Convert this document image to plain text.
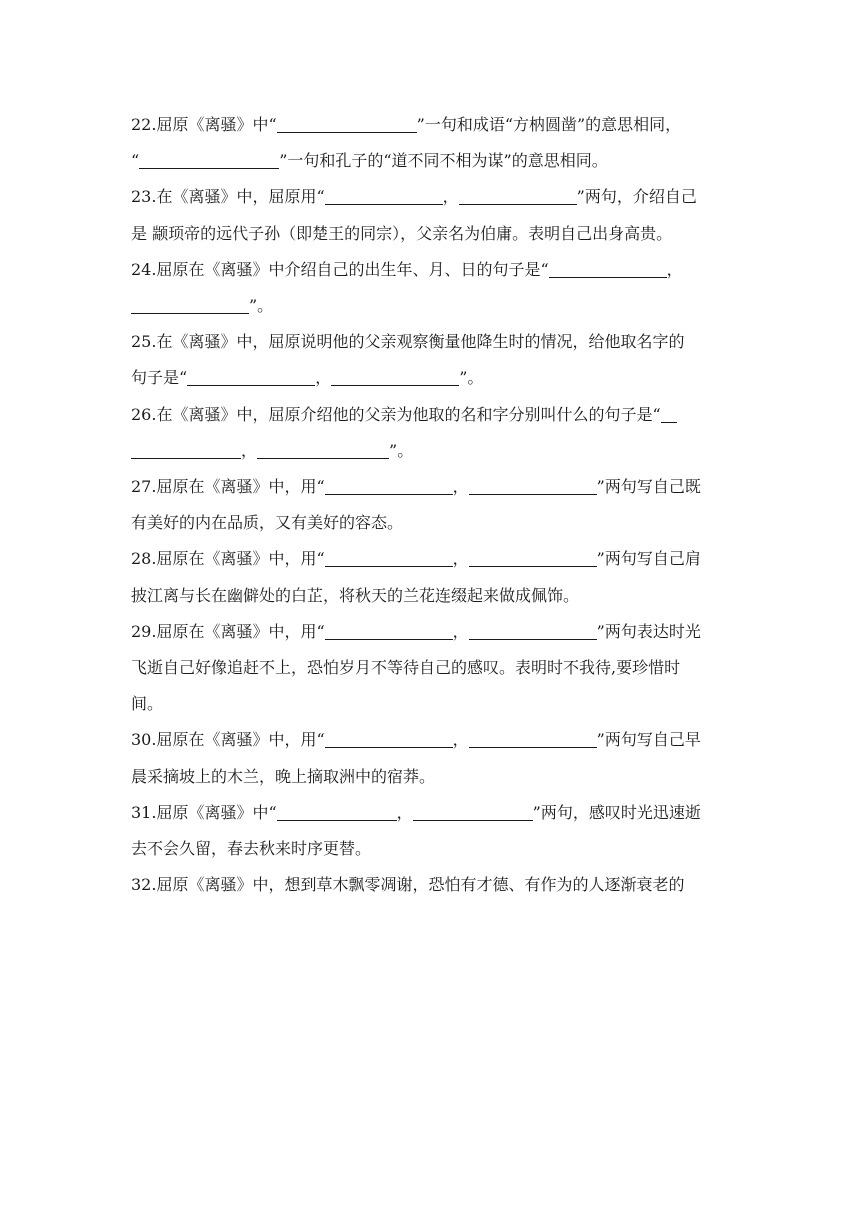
22.屈原《离骚》中“	”一句和成语“方枘圆凿”的意思相同，
“	”一句和孔子的“道不同不相为谋”的意思相同。
23.在《离骚》中，屈原用“	，	”两句，介绍自己
是 颛顼帝的远代子孙（即楚王的同宗），父亲名为伯庸。表明自己出身高贵。
24.屈原在《离骚》中介绍自己的出生年、月、日的句子是“	，
”。
25.在《离骚》中，屈原说明他的父亲观察衡量他降生时的情况，给他取名字的
句子是“	，	”。
26.在《离骚》中，屈原介绍他的父亲为他取的名和字分别叫什么的句子是“
，	”。
27.屈原在《离骚》中，用“	，	”两句写自己既
有美好的内在品质，又有美好的容态。
28.屈原在《离骚》中，用“	，	”两句写自己肩
披江离与长在幽僻处的白芷，将秋天的兰花连缀起来做成佩饰。
29.屈原在《离骚》中，用“	，	”两句表达时光
飞逝自己好像追赶不上，恐怕岁月不等待自己的感叹。表明时不我待,要珍惜时
间。
30.屈原在《离骚》中，用“	，	”两句写自己早
晨采摘坡上的木兰，晚上摘取洲中的宿莽。
31.屈原《离骚》中“	，	”两句，感叹时光迅速逝
去不会久留，春去秋来时序更替。
32.屈原《离骚》中，想到草木飘零凋谢，恐怕有才德、有作为的人逐渐衰老的
